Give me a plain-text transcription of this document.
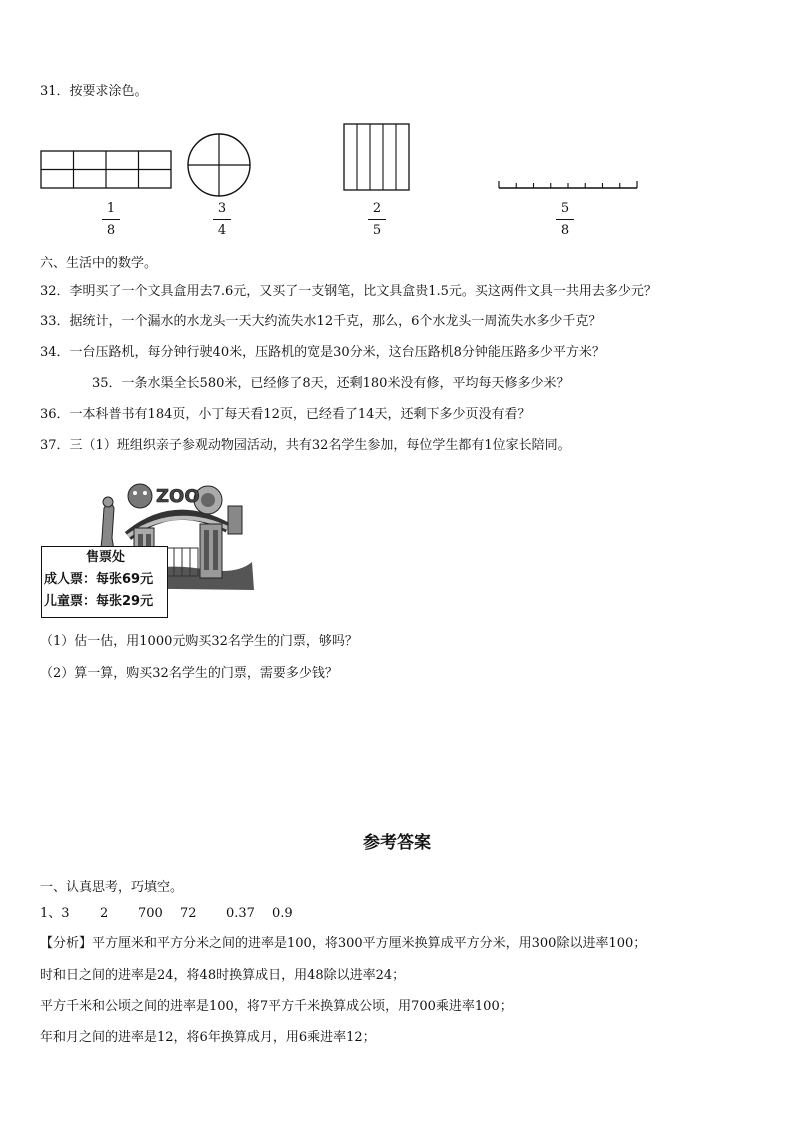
31．按要求涂色。
1
8
3
4
2
5
5
8
六、生活中的数学。
32．李明买了一个文具盒用去7.6元，又买了一支钢笔，比文具盒贵1.5元。买这两件文具一共用去多少元？
33．据统计，一个漏水的水龙头一天大约流失水12千克，那么，6个水龙头一周流失水多少千克？
34．一台压路机，每分钟行驶40米，压路机的宽是30分米，这台压路机8分钟能压路多少平方米？
35．一条水渠全长580米，已经修了8天，还剩180米没有修，平均每天修多少米？
36．一本科普书有184页，小丁每天看12页，已经看了14天，还剩下多少页没有看？
37．三（1）班组织亲子参观动物园活动，共有32名学生参加，每位学生都有1位家长陪同。
ZOO
售票处
成人票：每张69元
儿童票：每张29元
（1）估一估，用1000元购买32名学生的门票，够吗？
（2）算一算，购买32名学生的门票，需要多少钱？
参考答案
一、认真思考，巧填空。
1、3 2 700 72 0.37 0.9
【分析】平方厘米和平方分米之间的进率是100，将300平方厘米换算成平方分米，用300除以进率100；
时和日之间的进率是24，将48时换算成日，用48除以进率24；
平方千米和公顷之间的进率是100，将7平方千米换算成公顷，用700乘进率100；
年和月之间的进率是12，将6年换算成月，用6乘进率12；
